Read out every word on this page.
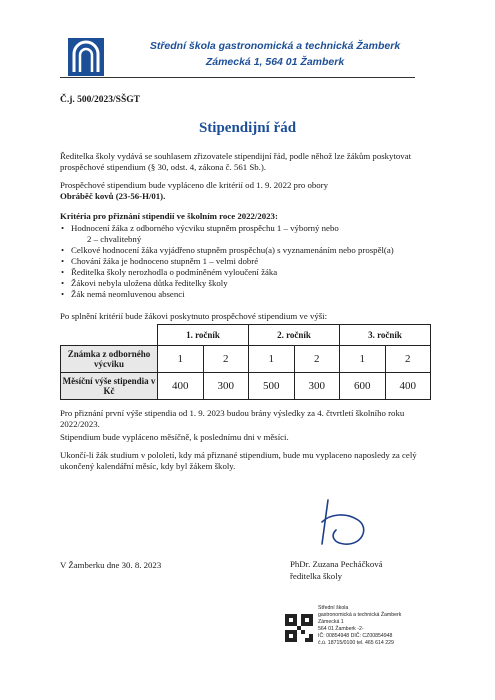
Střední škola gastronomická a technická Žamberk
Zámecká 1, 564 01 Žamberk
Č.j. 500/2023/SŠGT
Stipendijní řád
Ředitelka školy vydává se souhlasem zřizovatele stipendijní řád, podle něhož lze žákům poskytovat prospěchové stipendium (§ 30, odst. 4, zákona č. 561 Sb.).
Prospěchové stipendium bude vypláceno dle kritérií od 1. 9. 2022 pro obory
Obráběč kovů (23-56-H/01).
Kritéria pro přiznání stipendií ve školním roce 2022/2023:
• Hodnocení žáka z odborného výcviku stupněm prospěchu 1 – výborný nebo
2 – chvalitebný
• Celkové hodnocení žáka vyjádřeno stupněm prospěchu(a) s vyznamenáním nebo prospěl(a)
• Chování žáka je hodnoceno stupněm 1 – velmi dobré
• Ředitelka školy nerozhodla o podmíněném vyloučení žáka
• Žákovi nebyla uložena důtka ředitelky školy
• Žák nemá neomluvenou absenci
Po splnění kritérií bude žákovi poskytnuto prospěchové stipendium ve výši:
	1. ročník		2. ročník		3. ročník	
Známka z odborného výcviku	1	2	1	2	1	2
Měsíční výše stipendia v Kč	400	300	500	300	600	400
Pro přiznání první výše stipendia od 1. 9. 2023 budou brány výsledky za 4. čtvrtletí školního roku 2022/2023.
Stipendium bude vypláceno měsíčně, k poslednímu dni v měsíci.
Ukončí-li žák studium v pololetí, kdy má přiznané stipendium, bude mu vyplaceno naposledy za celý ukončený kalendářní měsíc, kdy byl žákem školy.
V Žamberku dne 30. 8. 2023	PhDr. Zuzana Pecháčková
ředitelka školy
Střední škola
gastronomická a technická Žamberk
Zámecká 1
564 01 Žamberk -2-
IČ: 00854948 DIČ: CZ00854948
č.ú. 18715/0100 tel. 465 614 229
